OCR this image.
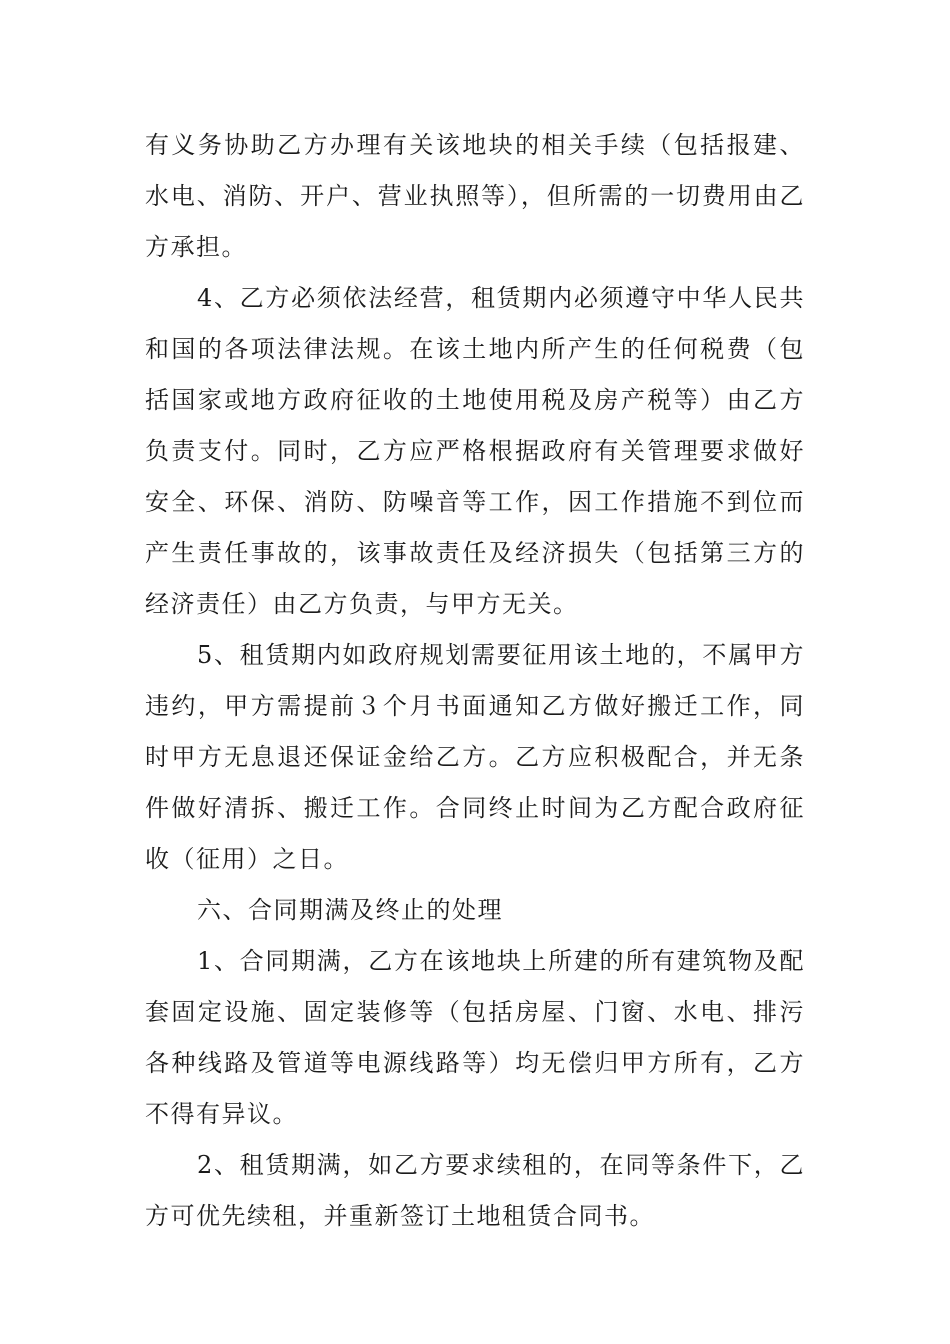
有义务协助乙方办理有关该地块的相关手续（包括报建、水电、消防、开户、营业执照等），但所需的一切费用由乙方承担。

4、乙方必须依法经营，租赁期内必须遵守中华人民共和国的各项法律法规。在该土地内所产生的任何税费（包括国家或地方政府征收的土地使用税及房产税等）由乙方负责支付。同时，乙方应严格根据政府有关管理要求做好安全、环保、消防、防噪音等工作，因工作措施不到位而产生责任事故的，该事故责任及经济损失（包括第三方的经济责任）由乙方负责，与甲方无关。

5、租赁期内如政府规划需要征用该土地的，不属甲方违约，甲方需提前３个月书面通知乙方做好搬迁工作，同时甲方无息退还保证金给乙方。乙方应积极配合，并无条件做好清拆、搬迁工作。合同终止时间为乙方配合政府征收（征用）之日。

六、合同期满及终止的处理

1、合同期满，乙方在该地块上所建的所有建筑物及配套固定设施、固定装修等（包括房屋、门窗、水电、排污各种线路及管道等电源线路等）均无偿归甲方所有，乙方不得有异议。

2、租赁期满，如乙方要求续租的，在同等条件下，乙方可优先续租，并重新签订土地租赁合同书。
